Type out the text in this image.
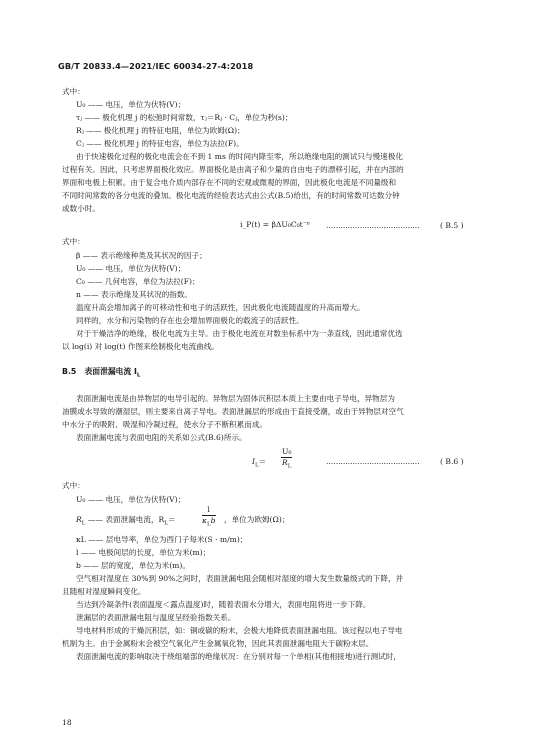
GB/T 20833.4—2021/IEC 60034-27-4:2018
式中：
U₀ —— 电压，单位为伏特(V)；
τⱼ —— 极化机理 j 的松弛时间常数，τⱼ＝Rⱼ · Cⱼ，单位为秒(s)；
Rⱼ —— 极化机理 j 的特征电阻，单位为欧姆(Ω)；
Cⱼ —— 极化机理 j 的特征电容，单位为法拉(F)。
由于快速极化过程的极化电流会在不到 1 ms 的时间内降至零，所以绝缘电阻的测试只与慢速极化
过程有关。因此，只考虑界面极化效应。界面极化是由离子和少量的自由电子的漂移引起，并在内部的
界面和电极上积累。由于复合电介质内部存在不同的宏观或微观的界面，因此极化电流是不同量级和
不同时间常数的各分电流的叠加。极化电流的经验表达式由公式(B.5)给出，有的时间常数可达数分钟
或数小时。
i_P(t) = βΔU₀C₀t⁻ⁿ …………………………………	( B.5 )
式中：
β —— 表示绝缘种类及其状况的因子；
U₀ —— 电压，单位为伏特(V)；
C₀ —— 几何电容，单位为法拉(F)；
n —— 表示绝缘及其状况的指数。
温度升高会增加离子的可移动性和电子的活跃性，因此极化电流随温度的升高而增大。
同样的，水分和污染物的存在也会增加界面极化的载流子的活跃性。
对于干燥洁净的绝缘，极化电流为主导。由于极化电流在对数坐标系中为一条直线，因此通常优选
以 log(i) 对 log(t) 作图来绘制极化电流曲线。
B.5 表面泄漏电流 $I_L$
表面泄漏电流是由异物层的电导引起的。异物层为固体沉积层本质上主要由电子导电，异物层为
油膜或水导致的潮湿层，则主要来自离子导电。表面泄漏层的形成由于直接受潮，或由于异物层对空气
中水分子的吸附、吸湿和冷凝过程，使水分子不断积累而成。
表面泄漏电流与表面电阻的关系如公式(B.6)所示。
$I_L= \frac{\text{U₀}}{R_L}$	…………………………………	( B.6 )
式中：
U₀ —— 电压，单位为伏特(V)；
$R_L$ —— 表面泄漏电流，$R_L=$
l
$\kappa_Lb$ ，单位为欧姆(Ω)；
κL —— 层电导率，单位为西门子每米(S · m/m)；
l —— 电极间层的长度，单位为米(m)；
b —— 层的宽度，单位为米(m)。
空气相对湿度在 30%到 90%之间时，表面泄漏电阻会随相对湿度的增大发生数量级式的下降，并
且随相对湿度瞬间变化。
当达到冷凝条件(表面温度＜露点温度)时，随着表面水分增大，表面电阻将进一步下降。
泄漏层的表面泄漏电阻与温度呈经验指数关系。
导电材料形成的干燥沉积层，如：铜或碳的粉末，会极大地降低表面泄漏电阻。该过程以电子导电
机制为主。由于金属粉末会被空气氧化产生金属氧化物，因此其表面泄漏电阻大于碳粉末层。
表面泄漏电流的影响取决于绕组端部的绝缘状况：在分别对每一个单相(其他相接地)进行测试时，
18
